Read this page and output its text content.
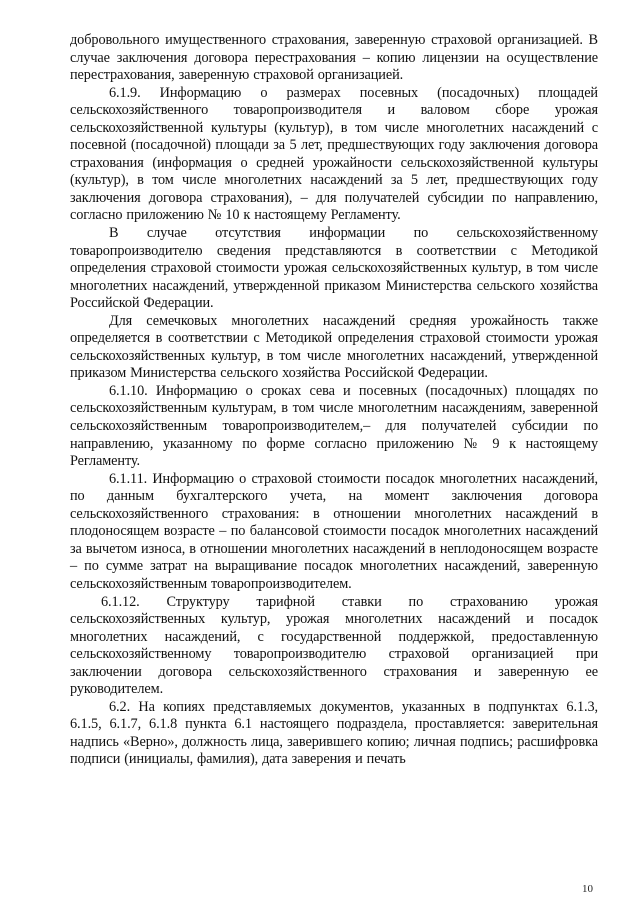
добровольного имущественного страхования, заверенную страховой организацией. В случае заключения договора перестрахования – копию лицензии на осуществление перестрахования, заверенную страховой организацией.

6.1.9. Информацию о размерах посевных (посадочных) площадей сельскохозяйственного товаропроизводителя и валовом сборе урожая сельскохозяйственной культуры (культур), в том числе многолетних насаждений с посевной (посадочной) площади за 5 лет, предшествующих году заключения договора страхования (информация о средней урожайности сельскохозяйственной культуры (культур), в том числе многолетних насаждений за 5 лет, предшествующих году заключения договора страхования), – для получателей субсидии по направлению, согласно приложению № 10 к настоящему Регламенту.

В случае отсутствия информации по сельскохозяйственному товаропроизводителю сведения представляются в соответствии с Методикой определения страховой стоимости урожая сельскохозяйственных культур, в том числе многолетних насаждений, утвержденной приказом Министерства сельского хозяйства Российской Федерации.

Для семечковых многолетних насаждений средняя урожайность также определяется в соответствии с Методикой определения страховой стоимости урожая сельскохозяйственных культур, в том числе многолетних насаждений, утвержденной приказом Министерства сельского хозяйства Российской Федерации.

6.1.10. Информацию о сроках сева и посевных (посадочных) площадях по сельскохозяйственным культурам, в том числе многолетним насаждениям, заверенной сельскохозяйственным товаропроизводителем,– для получателей субсидии по направлению, указанному по форме согласно приложению № 9 к настоящему Регламенту.

6.1.11. Информацию о страховой стоимости посадок многолетних насаждений, по данным бухгалтерского учета, на момент заключения договора сельскохозяйственного страхования: в отношении многолетних насаждений в плодоносящем возрасте – по балансовой стоимости посадок многолетних насаждений за вычетом износа, в отношении многолетних насаждений в неплодоносящем возрасте – по сумме затрат на выращивание посадок многолетних насаждений, заверенную сельскохозяйственным товаропроизводителем.

6.1.12. Структуру тарифной ставки по страхованию урожая сельскохозяйственных культур, урожая многолетних насаждений и посадок многолетних насаждений, с государственной поддержкой, предоставленную сельскохозяйственному товаропроизводителю страховой организацией при заключении договора сельскохозяйственного страхования и заверенную ее руководителем.

6.2. На копиях представляемых документов, указанных в подпунктах 6.1.3, 6.1.5, 6.1.7, 6.1.8 пункта 6.1 настоящего подраздела, проставляется: заверительная надпись «Верно», должность лица, заверившего копию; личная подпись; расшифровка подписи (инициалы, фамилия), дата заверения и печать

10
